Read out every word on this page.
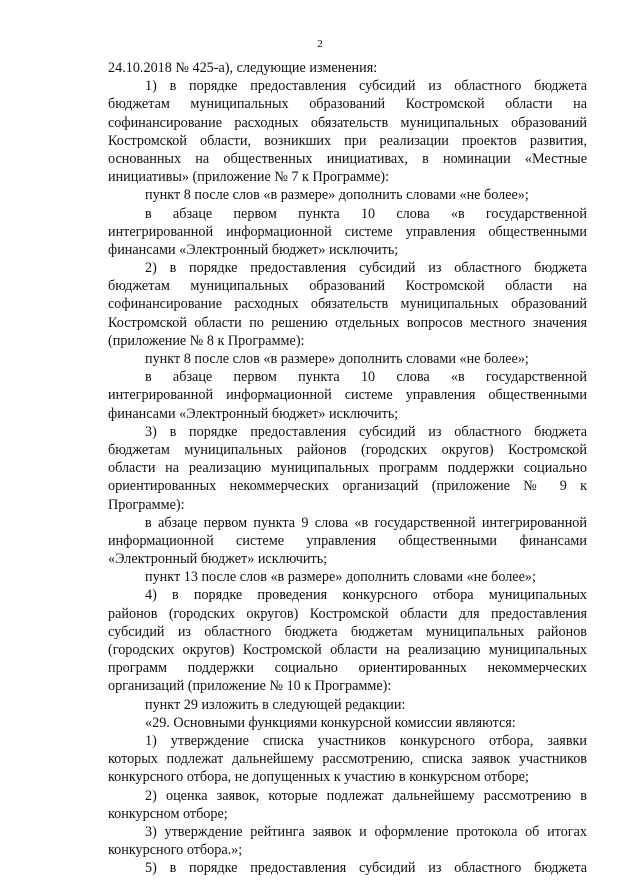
2
24.10.2018 № 425-а), следующие изменения:
1) в порядке предоставления субсидий из областного бюджета
бюджетам муниципальных образований Костромской области на
софинансирование расходных обязательств муниципальных образований
Костромской области, возникших при реализации проектов развития,
основанных на общественных инициативах, в номинации «Местные
инициативы» (приложение № 7 к Программе):
пункт 8 после слов «в размере» дополнить словами «не более»;
в абзаце первом пункта 10 слова «в государственной
интегрированной информационной системе управления общественными
финансами «Электронный бюджет» исключить;
2) в порядке предоставления субсидий из областного бюджета
бюджетам муниципальных образований Костромской области на
софинансирование расходных обязательств муниципальных образований
Костромской области по решению отдельных вопросов местного значения
(приложение № 8 к Программе):
пункт 8 после слов «в размере» дополнить словами «не более»;
в абзаце первом пункта 10 слова «в государственной
интегрированной информационной системе управления общественными
финансами «Электронный бюджет» исключить;
3) в порядке предоставления субсидий из областного бюджета
бюджетам муниципальных районов (городских округов) Костромской
области на реализацию муниципальных программ поддержки социально
ориентированных некоммерческих организаций (приложение № 9 к
Программе):
в абзаце первом пункта 9 слова «в государственной интегрированной
информационной системе управления общественными финансами
«Электронный бюджет» исключить;
пункт 13 после слов «в размере» дополнить словами «не более»;
4) в порядке проведения конкурсного отбора муниципальных
районов (городских округов) Костромской области для предоставления
субсидий из областного бюджета бюджетам муниципальных районов
(городских округов) Костромской области на реализацию муниципальных
программ поддержки социально ориентированных некоммерческих
организаций (приложение № 10 к Программе):
пункт 29 изложить в следующей редакции:
«29. Основными функциями конкурсной комиссии являются:
1) утверждение списка участников конкурсного отбора, заявки
которых подлежат дальнейшему рассмотрению, списка заявок участников
конкурсного отбора, не допущенных к участию в конкурсном отборе;
2) оценка заявок, которые подлежат дальнейшему рассмотрению в
конкурсном отборе;
3) утверждение рейтинга заявок и оформление протокола об итогах
конкурсного отбора.»;
5) в порядке предоставления субсидий из областного бюджета
